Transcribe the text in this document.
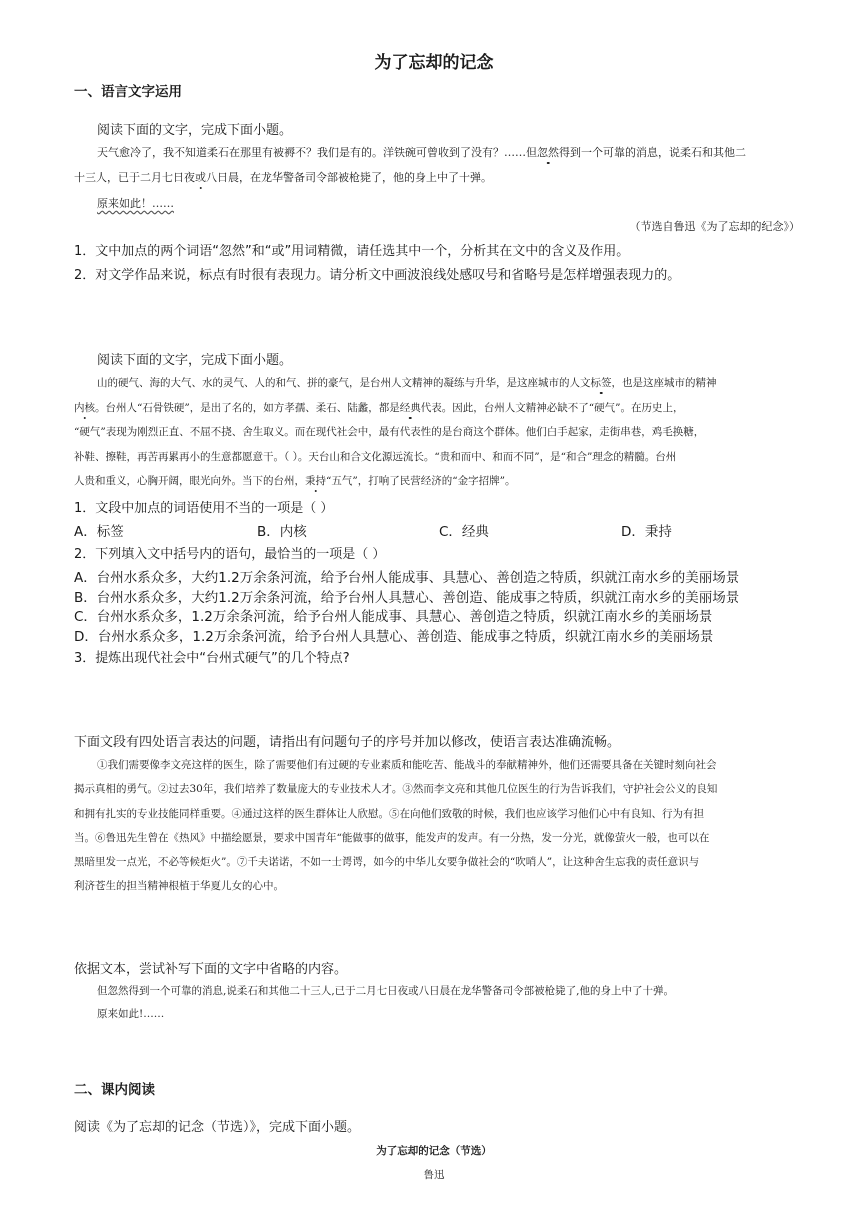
为了忘却的记念
一、语言文字运用
阅读下面的文字，完成下面小题。
天气愈冷了，我不知道柔石在那里有被褥不？我们是有的。洋铁碗可曾收到了没有？……但忽然得到一个可靠的消息，说柔石和其他二
十三人，已于二月七日夜或八日晨，在龙华警备司令部被枪毙了，他的身上中了十弹。
原来如此！……
（节选自鲁迅《为了忘却的纪念》）
1．文中加点的两个词语“忽然”和“或”用词精微，请任选其中一个，分析其在文中的含义及作用。
2．对文学作品来说，标点有时很有表现力。请分析文中画波浪线处感叹号和省略号是怎样增强表现力的。
阅读下面的文字，完成下面小题。
山的硬气、海的大气、水的灵气、人的和气、拼的豪气，是台州人文精神的凝练与升华，是这座城市的人文标签，也是这座城市的精神
内核。台州人“石骨铁硬”，是出了名的，如方孝孺、柔石、陆蠡，都是经典代表。因此，台州人文精神必缺不了“硬气”。在历史上，
“硬气”表现为刚烈正直、不屈不挠、舍生取义。而在现代社会中，最有代表性的是台商这个群体。他们白手起家，走街串巷，鸡毛换糖，
补鞋、擦鞋，再苦再累再小的生意都愿意干。（ ）。天台山和合文化源远流长。“贵和而中、和而不同”，是“和合”理念的精髓。台州
人贵和重义，心胸开阔，眼光向外。当下的台州，秉持“五气”，打响了民营经济的“金字招牌”。
1．文段中加点的词语使用不当的一项是（ ）
A．标签	B．内核	C．经典	D．秉持
2．下列填入文中括号内的语句，最恰当的一项是（ ）
A．台州水系众多，大约1.2万余条河流，给予台州人能成事、具慧心、善创造之特质，织就江南水乡的美丽场景
B．台州水系众多，大约1.2万余条河流，给予台州人具慧心、善创造、能成事之特质，织就江南水乡的美丽场景
C．台州水系众多，1.2万余条河流，给予台州人能成事、具慧心、善创造之特质，织就江南水乡的美丽场景
D．台州水系众多，1.2万余条河流，给予台州人具慧心、善创造、能成事之特质，织就江南水乡的美丽场景
3．提炼出现代社会中“台州式硬气”的几个特点?
下面文段有四处语言表达的问题，请指出有问题句子的序号并加以修改，使语言表达准确流畅。
①我们需要像李文亮这样的医生，除了需要他们有过硬的专业素质和能吃苦、能战斗的奉献精神外，他们还需要具备在关键时刻向社会
揭示真相的勇气。②过去30年，我们培养了数量庞大的专业技术人才。③然而李文亮和其他几位医生的行为告诉我们，守护社会公义的良知
和拥有扎实的专业技能同样重要。④通过这样的医生群体让人欣慰。⑤在向他们致敬的时候，我们也应该学习他们心中有良知、行为有担
当。⑥鲁迅先生曾在《热风》中描绘愿景，要求中国青年“能做事的做事，能发声的发声。有一分热，发一分光，就像萤火一般，也可以在
黑暗里发一点光，不必等候炬火”。⑦千夫诺诺，不如一士谔谔，如今的中华儿女要争做社会的“吹哨人”，让这种舍生忘我的责任意识与
利济苍生的担当精神根植于华夏儿女的心中。
依据文本，尝试补写下面的文字中省略的内容。
但忽然得到一个可靠的消息,说柔石和其他二十三人,已于二月七日夜或八日晨在龙华警备司令部被枪毙了,他的身上中了十弹。
原来如此!……
二、课内阅读
阅读《为了忘却的记念（节选）》，完成下面小题。
为了忘却的记念（节选）
鲁迅
